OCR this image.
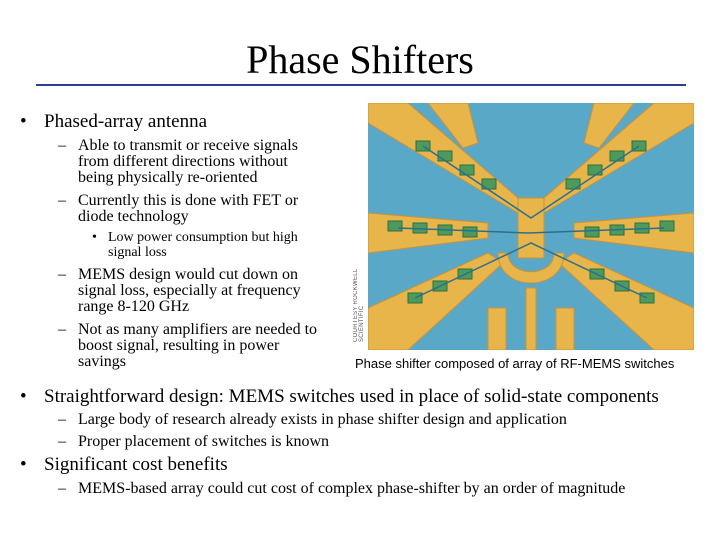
Phase Shifters
• Phased-array antenna
– Able to transmit or receive signals
from different directions without
being physically re-oriented
– Currently this is done with FET or
diode technology
• Low power consumption but high
signal loss
– MEMS design would cut down on
signal loss, especially at frequency
range 8-120 GHz
– Not as many amplifiers are needed to
boost signal, resulting in power
savings
• Straightforward design: MEMS switches used in place of solid-state components
– Large body of research already exists in phase shifter design and application
– Proper placement of switches is known
• Significant cost benefits
– MEMS-based array could cut cost of complex phase-shifter by an order of magnitude
COURTESY ROCKWELL SCIENTIFIC
Phase shifter composed of array of RF-MEMS switches
